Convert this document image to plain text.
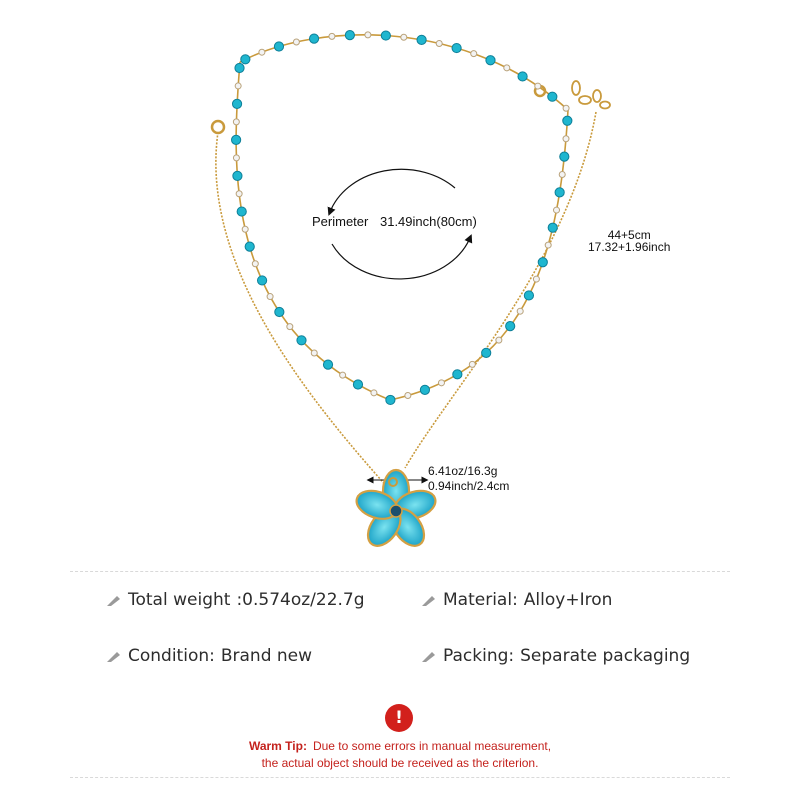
Perimeter 31.49inch(80cm)
44+5cm
17.32+1.96inch
6.41oz/16.3g
0.94inch/2.4cm
Total weight : 0.574oz/22.7g	Material: Alloy+Iron
Condition: Brand new	Packing: Separate packaging
!
Warm Tip: Due to some errors in manual measurement,
the actual object should be received as the criterion.
